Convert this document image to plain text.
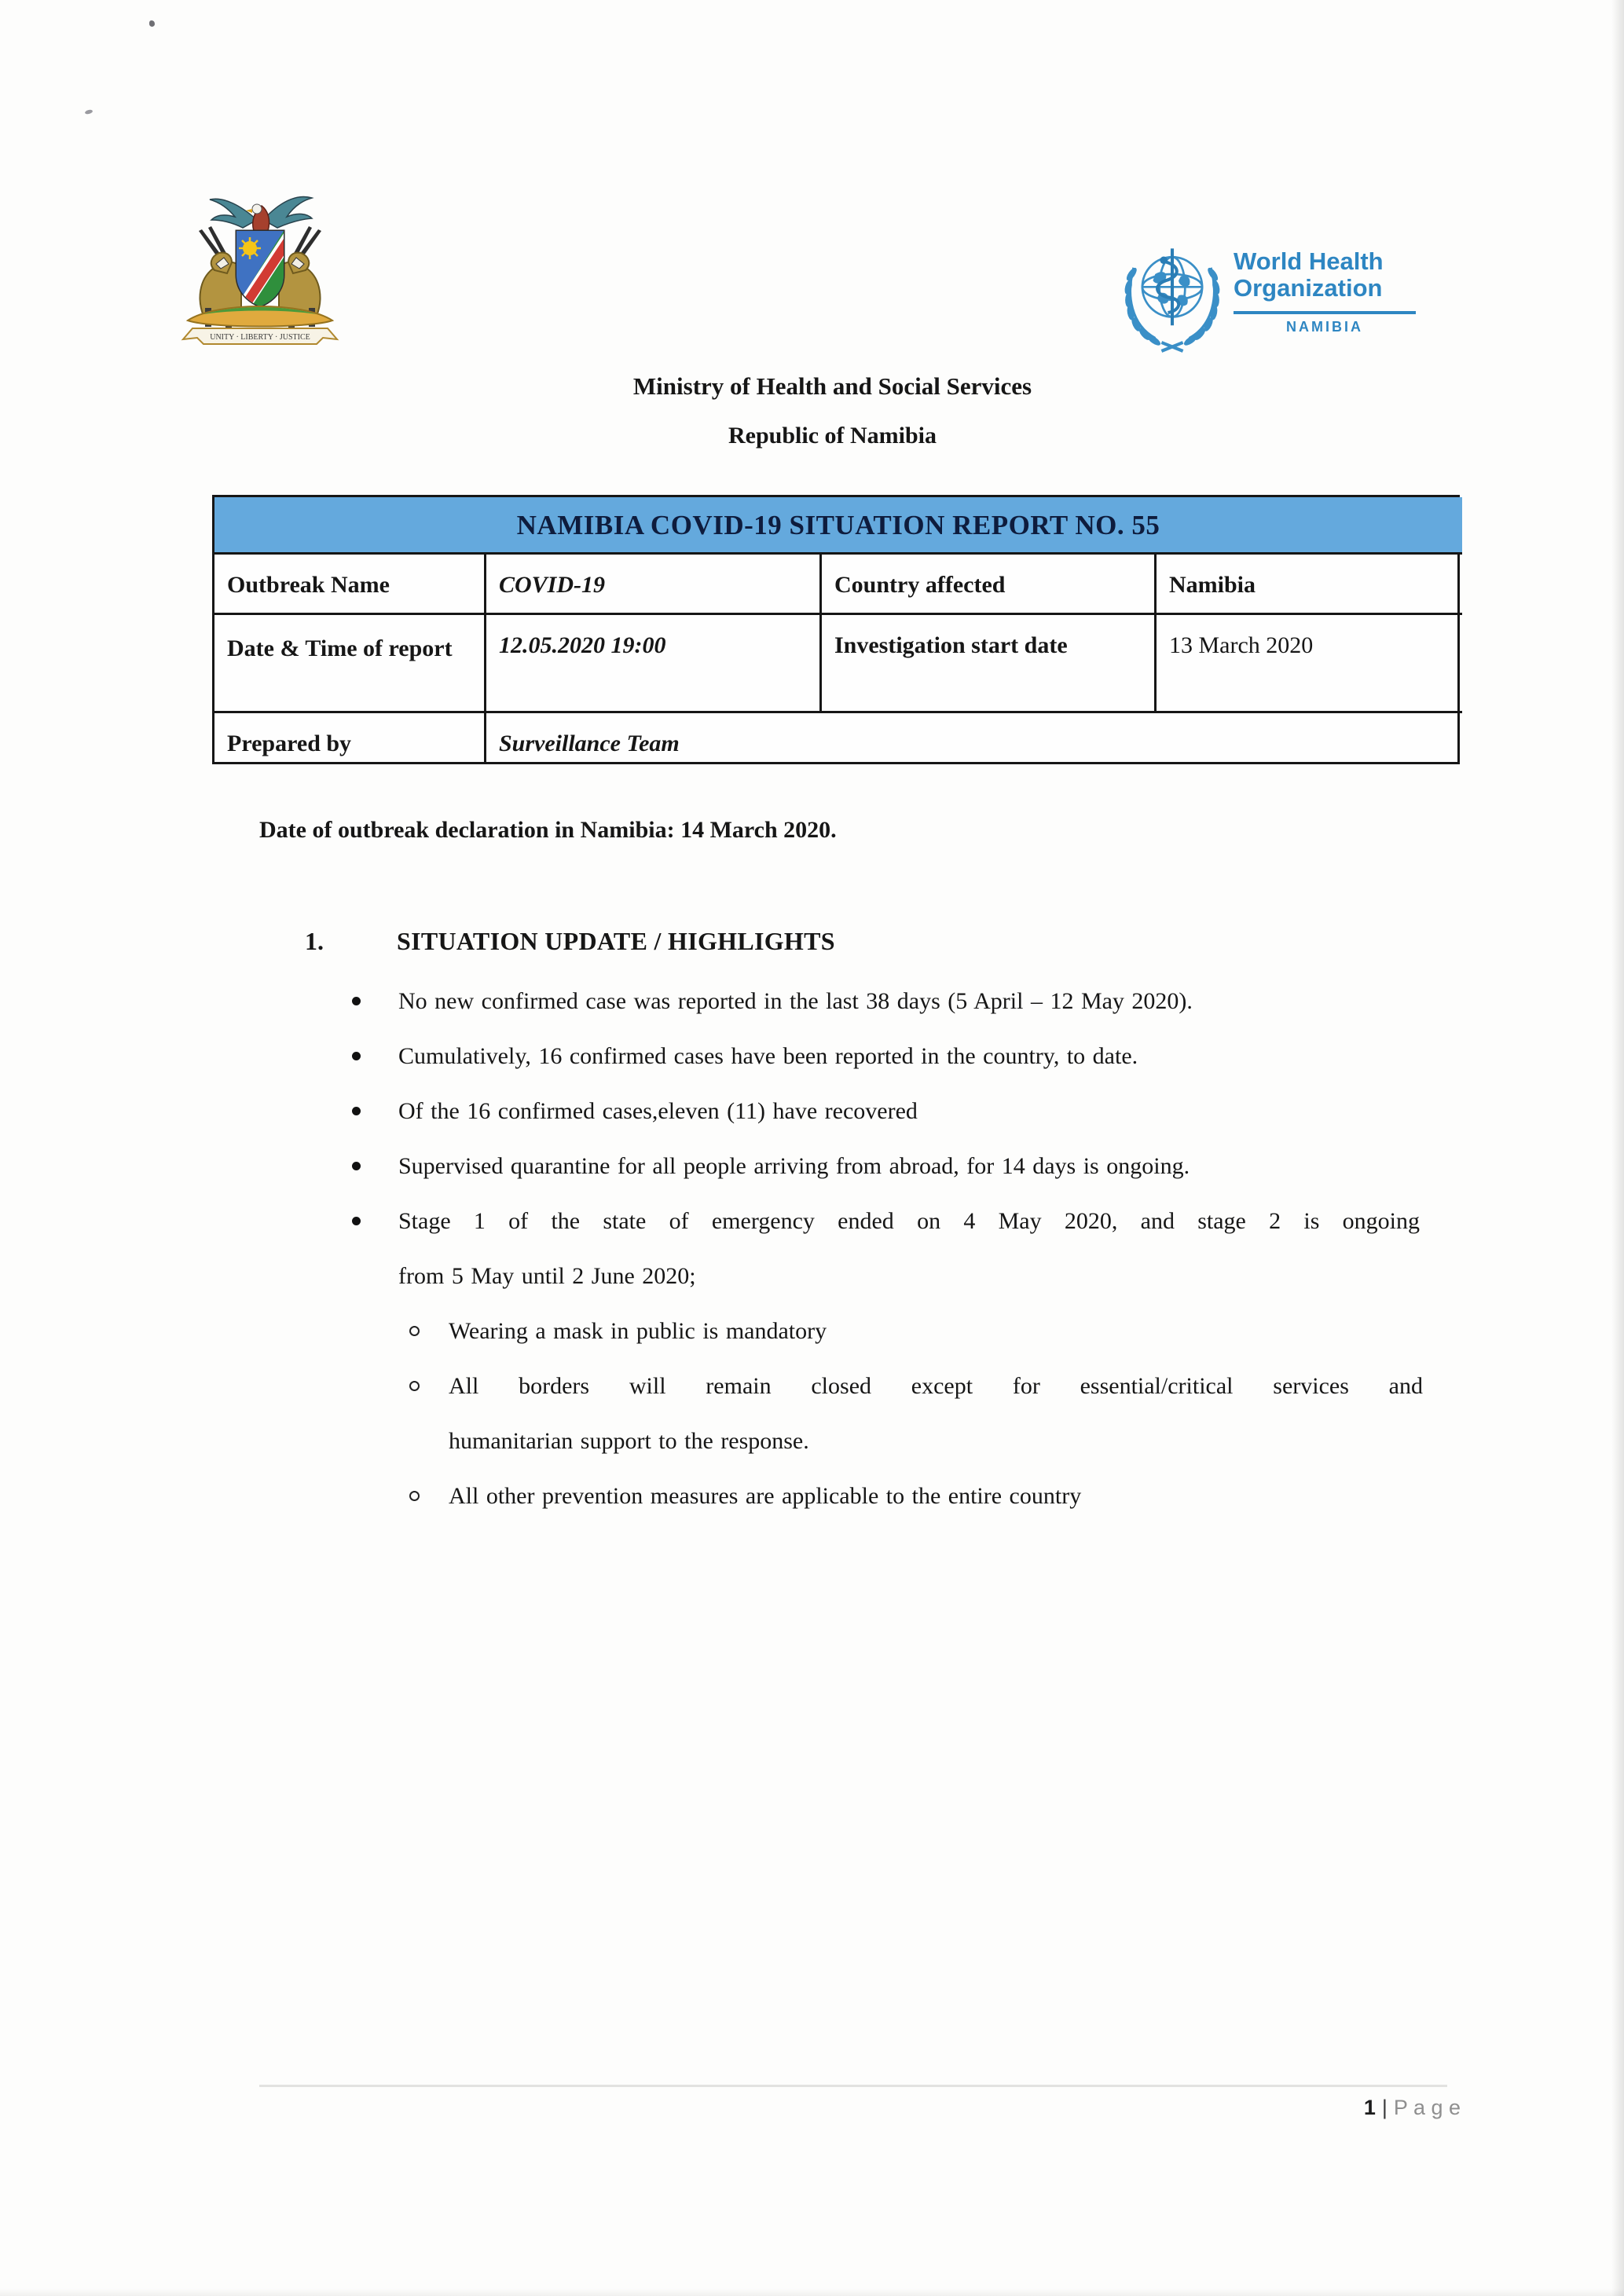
UNITY · LIBERTY · JUSTICE
World Health
Organization
NAMIBIA
Ministry of Health and Social Services
Republic of Namibia
NAMIBIA COVID-19 SITUATION REPORT NO. 55
Outbreak Name	COVID-19	Country affected	Namibia
Date & Time of report	12.05.2020 19:00	Investigation start date	13 March 2020
Prepared by	Surveillance Team
Date of outbreak declaration in Namibia: 14 March 2020.
1.	SITUATION UPDATE / HIGHLIGHTS
No new confirmed case was reported in the last 38 days (5 April – 12 May 2020).
Cumulatively, 16 confirmed cases have been reported in the country, to date.
Of the 16 confirmed cases,eleven (11) have recovered
Supervised quarantine for all people arriving from abroad, for 14 days is ongoing.
Stage 1 of the state of emergency ended on 4 May 2020, and stage 2 is ongoing
from 5 May until 2 June 2020;
Wearing a mask in public is mandatory
All borders will remain closed except for essential/critical services and
humanitarian support to the response.
All other prevention measures are applicable to the entire country
1 | P a g e
